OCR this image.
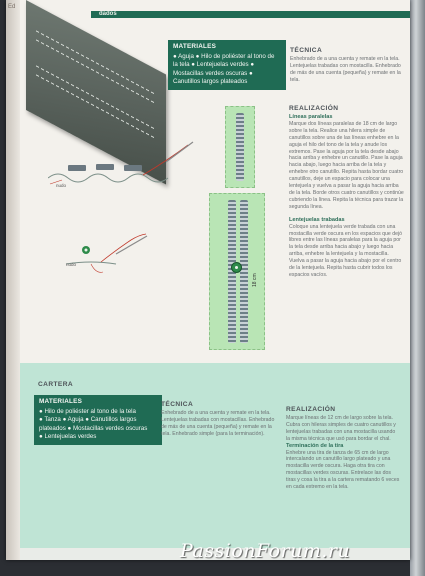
Ed
dados
MATERIALES
● Aguja ● Hilo de poliéster al tono de
la tela ● Lentejuelas verdes ●
Mostacillas verdes oscuras ●
Canutillos largos plateados
TÉCNICA
Enhebrado de a una cuenta y remate en la tela. Lentejuelas trabadas con mostacilla. Enhebrado de más de una cuenta (pequeña) y remate en la tela.
nudo
nudo
18 cm
REALIZACIÓN
Líneas paralelas
Marque dos líneas paralelas de 18 cm de largo sobre la tela. Realice una hilera simple de canutillos sobre una de las líneas enhebre en la aguja el hilo del tono de la tela y anude los extremos. Pase la aguja por la tela desde abajo hacia arriba y enhebre un canutillo. Pase la aguja hacia abajo, luego hacia arriba de la tela y enhebre otro canutillo. Repita hasta bordar cuatro canutillos, deje un espacio para colocar una lentejuela y vuelva a pasar la aguja hacia arriba de la tela. Borde otros cuatro canutillos y continúe cubriendo la línea. Repita la técnica para trazar la segunda línea.
Lentejuelas trabadas
Coloque una lentejuela verde trabada con una mostacilla verde oscura en los espacios que dejó libres entre las líneas paralelas para la aguja por la tela desde arriba hacia abajo y luego hacia arriba, enhebre la lentejuela y la mostacilla. Vuelva a pasar la aguja hacia abajo por el centro de la lentejuela. Repita hasta cubrir todos los espacios vacíos.
CARTERA
MATERIALES
● Hilo de poliéster al tono de la tela
● Tanza ● Aguja ● Canutillos largos
plateados ● Mostacillas verdes oscuras
● Lentejuelas verdes
TÉCNICA
Enhebrado de a una cuenta y remate en la tela. Lentejuelas trabadas con mostacillas. Enhebrado de más de una cuenta (pequeña) y remate en la tela. Enhebrado simple (para la terminación).
REALIZACIÓN
Marque líneas de 12 cm de largo sobre la tela. Cubra con hileras simples de cuatro canutillos y lentejuelas trabadas con una mostacilla usando la misma técnica que usó para bordar el chal.
Terminación de la tira
Enhebre una tira de tanza de 65 cm de largo intercalando un canutillo largo plateado y una mostacilla verde oscura. Haga otra tira con mostacillas verdes oscuras. Entrelace las dos tiras y cosa la tira a la cartera rematando 6 veces en cada extremo en la tela.
PassionForum.ru
